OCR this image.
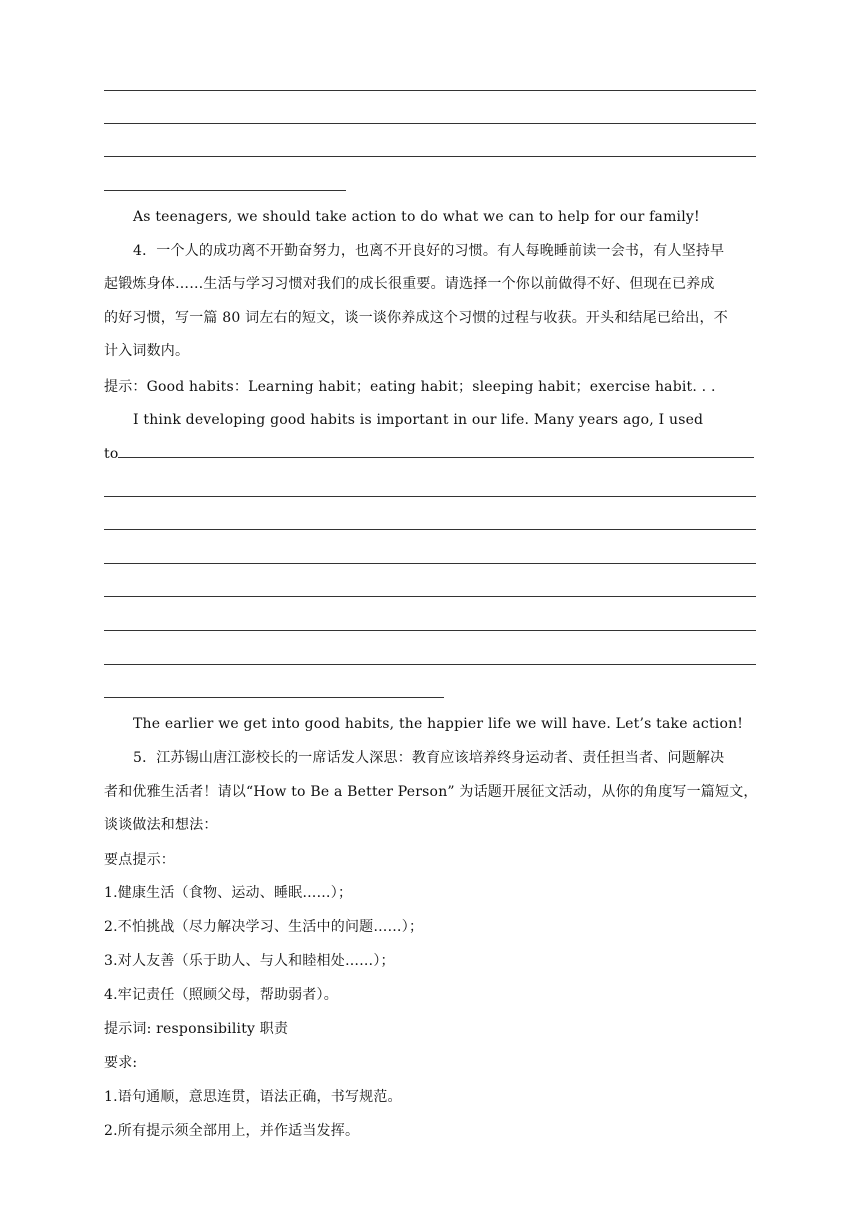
As teenagers, we should take action to do what we can to help for our family!
4．一个人的成功离不开勤奋努力，也离不开良好的习惯。有人每晚睡前读一会书，有人坚持早
起锻炼身体……生活与学习习惯对我们的成长很重要。请选择一个你以前做得不好、但现在已养成
的好习惯，写一篇 80 词左右的短文，谈一谈你养成这个习惯的过程与收获。开头和结尾已给出，不
计入词数内。
提示：Good habits：Learning habit；eating habit；sleeping habit；exercise habit. . .
I think developing good habits is important in our life. Many years ago, I used
to
The earlier we get into good habits, the happier life we will have. Let’s take action!
5．江苏锡山唐江澎校长的一席话发人深思：教育应该培养终身运动者、责任担当者、问题解决
者和优雅生活者！请以“How to Be a Better Person” 为话题开展征文活动，从你的角度写一篇短文，
谈谈做法和想法：
要点提示：
1.健康生活（食物、运动、睡眠……）；
2.不怕挑战（尽力解决学习、生活中的问题……）；
3.对人友善（乐于助人、与人和睦相处……）；
4.牢记责任（照顾父母，帮助弱者）。
提示词: responsibility 职责
要求:
1.语句通顺，意思连贯，语法正确，书写规范。
2.所有提示须全部用上，并作适当发挥。
